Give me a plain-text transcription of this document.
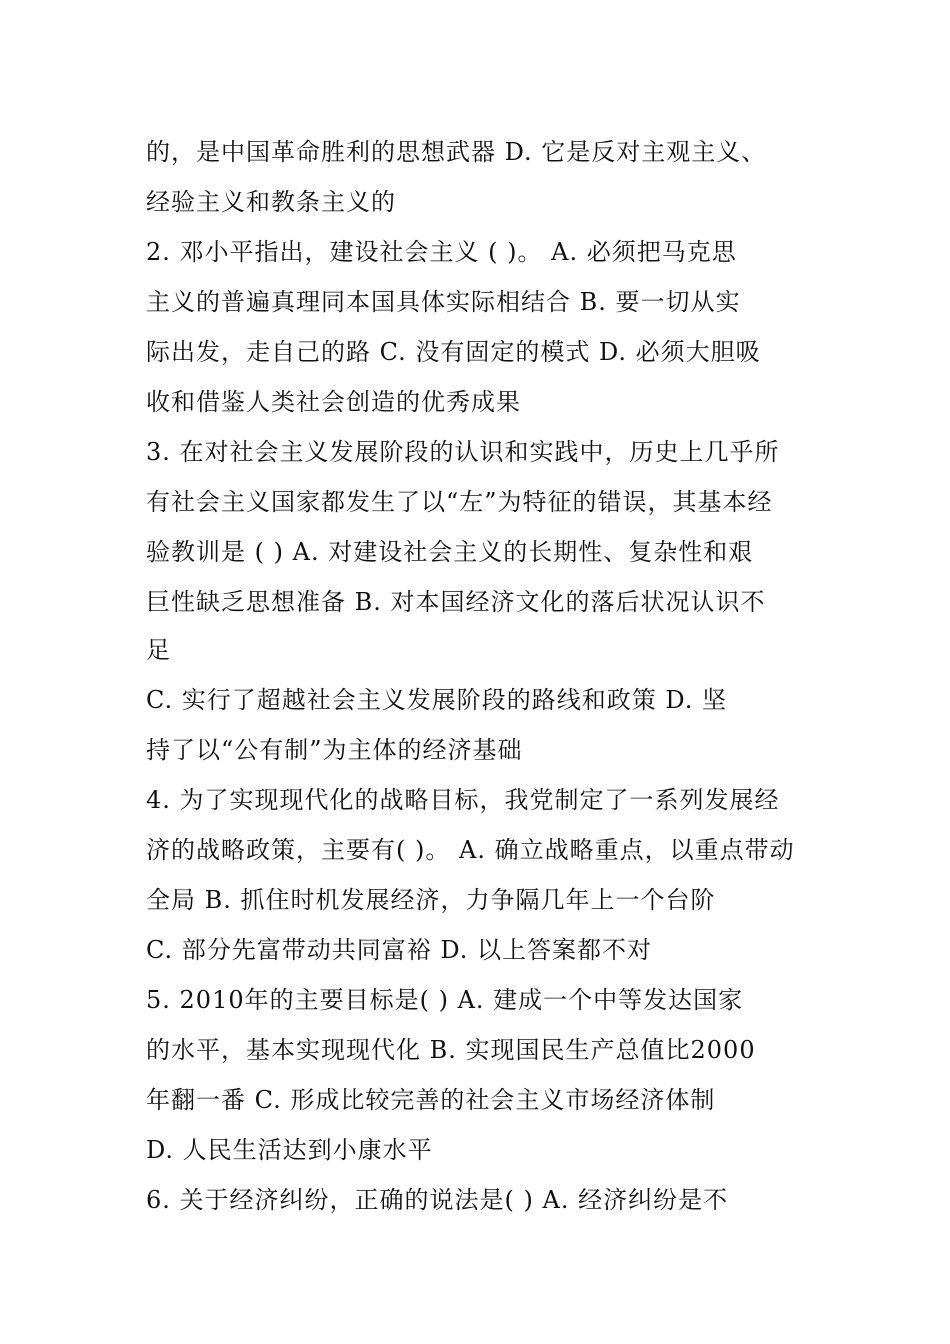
的，是中国革命胜利的思想武器 D. 它是反对主观主义、
经验主义和教条主义的
2. 邓小平指出，建设社会主义 ( )。 A. 必须把马克思
主义的普遍真理同本国具体实际相结合 B. 要一切从实
际出发，走自己的路 C. 没有固定的模式 D. 必须大胆吸
收和借鉴人类社会创造的优秀成果
3. 在对社会主义发展阶段的认识和实践中，历史上几乎所
有社会主义国家都发生了以“左”为特征的错误，其基本经
验教训是 ( ) A. 对建设社会主义的长期性、复杂性和艰
巨性缺乏思想准备 B. 对本国经济文化的落后状况认识不
足
C. 实行了超越社会主义发展阶段的路线和政策 D. 坚
持了以“公有制”为主体的经济基础
4. 为了实现现代化的战略目标，我党制定了一系列发展经
济的战略政策，主要有( )。 A. 确立战略重点，以重点带动
全局 B. 抓住时机发展经济，力争隔几年上一个台阶
C. 部分先富带动共同富裕 D. 以上答案都不对
5. 2010年的主要目标是( ) A. 建成一个中等发达国家
的水平，基本实现现代化 B. 实现国民生产总值比2000
年翻一番 C. 形成比较完善的社会主义市场经济体制
D. 人民生活达到小康水平
6. 关于经济纠纷，正确的说法是( ) A. 经济纠纷是不
